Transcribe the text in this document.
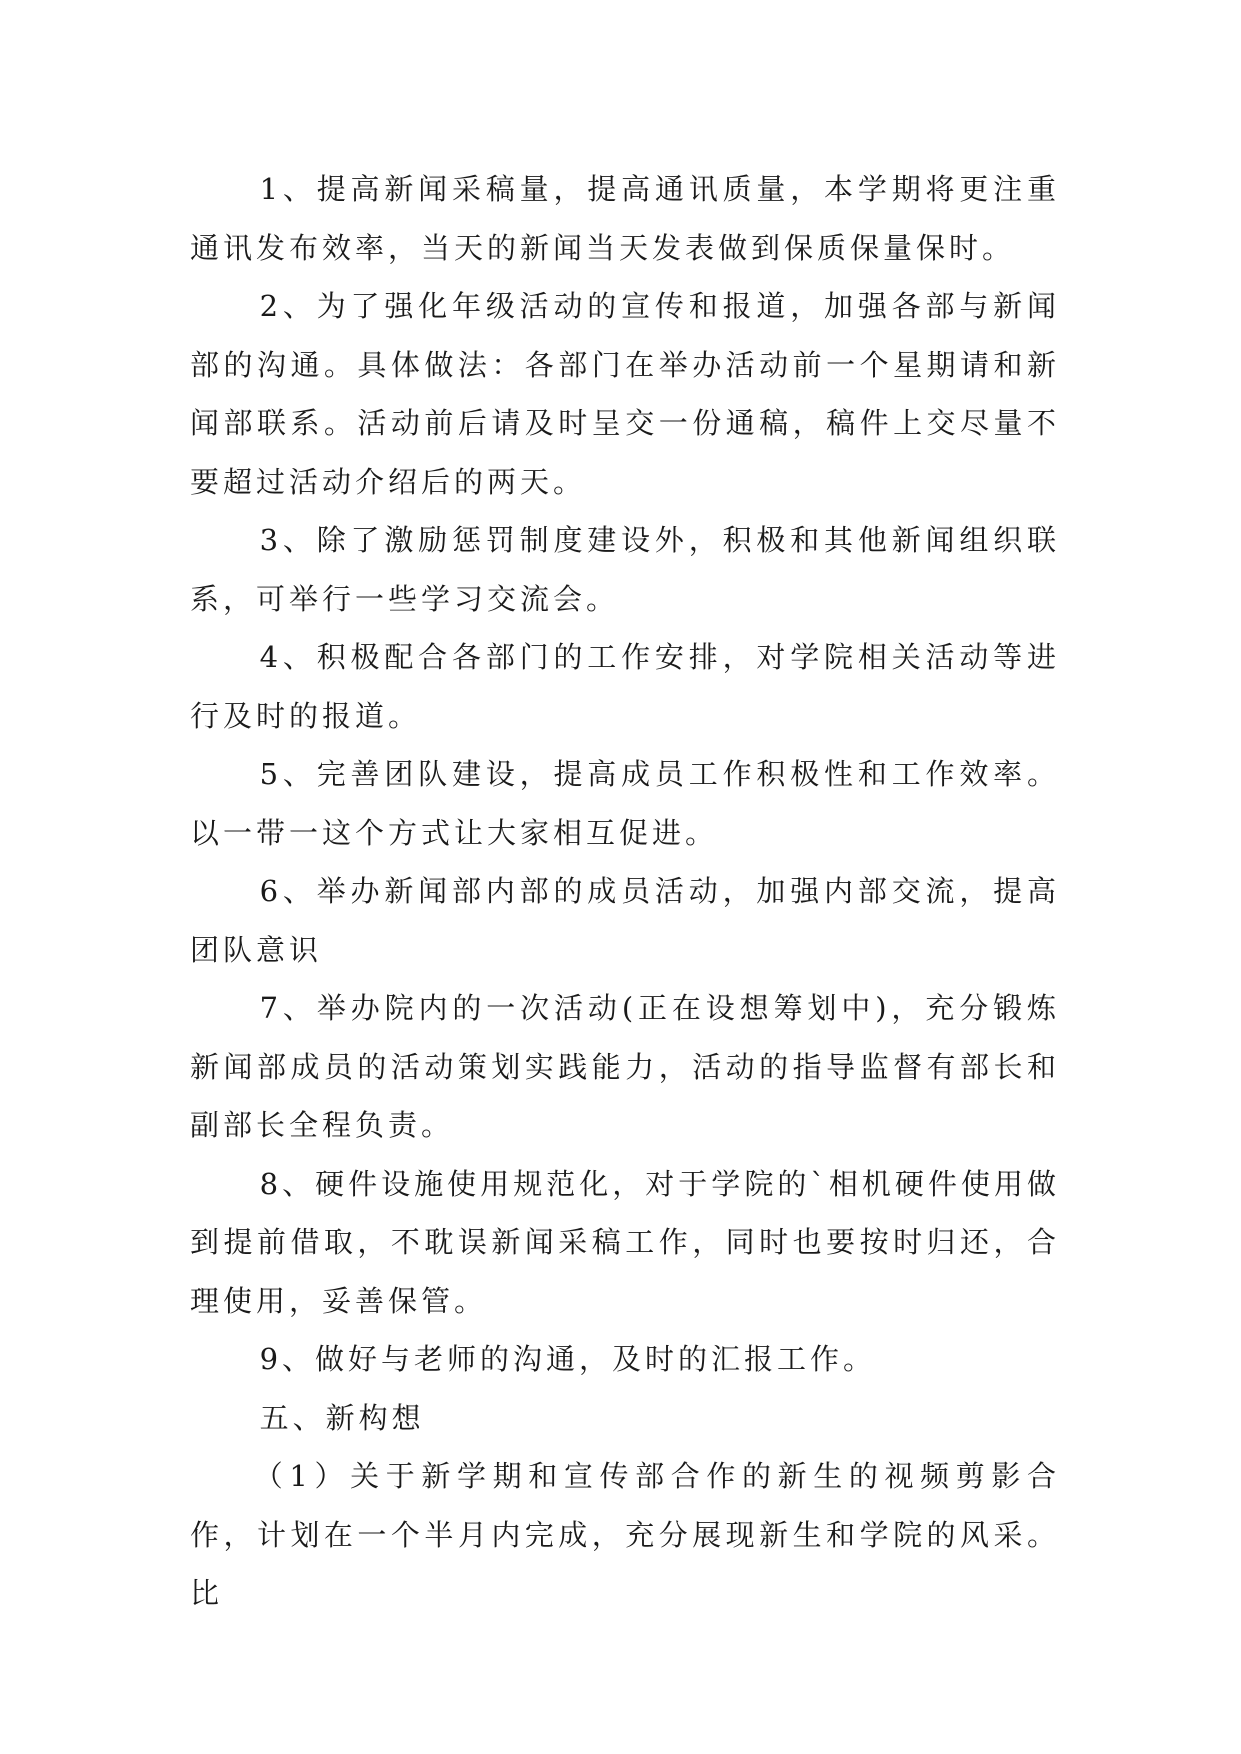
1、提高新闻采稿量，提高通讯质量，本学期将更注重通讯发布效率，当天的新闻当天发表做到保质保量保时。

2、为了强化年级活动的宣传和报道，加强各部与新闻部的沟通。具体做法：各部门在举办活动前一个星期请和新闻部联系。活动前后请及时呈交一份通稿，稿件上交尽量不要超过活动介绍后的两天。

3、除了激励惩罚制度建设外，积极和其他新闻组织联系，可举行一些学习交流会。

4、积极配合各部门的工作安排，对学院相关活动等进行及时的报道。

5、完善团队建设，提高成员工作积极性和工作效率。以一带一这个方式让大家相互促进。

6、举办新闻部内部的成员活动，加强内部交流，提高团队意识

7、举办院内的一次活动(正在设想筹划中)，充分锻炼新闻部成员的活动策划实践能力，活动的指导监督有部长和副部长全程负责。

8、硬件设施使用规范化，对于学院的`相机硬件使用做到提前借取，不耽误新闻采稿工作，同时也要按时归还，合理使用，妥善保管。

9、做好与老师的沟通，及时的汇报工作。

五、新构想

（1）关于新学期和宣传部合作的新生的视频剪影合作，计划在一个半月内完成，充分展现新生和学院的风采。 比
